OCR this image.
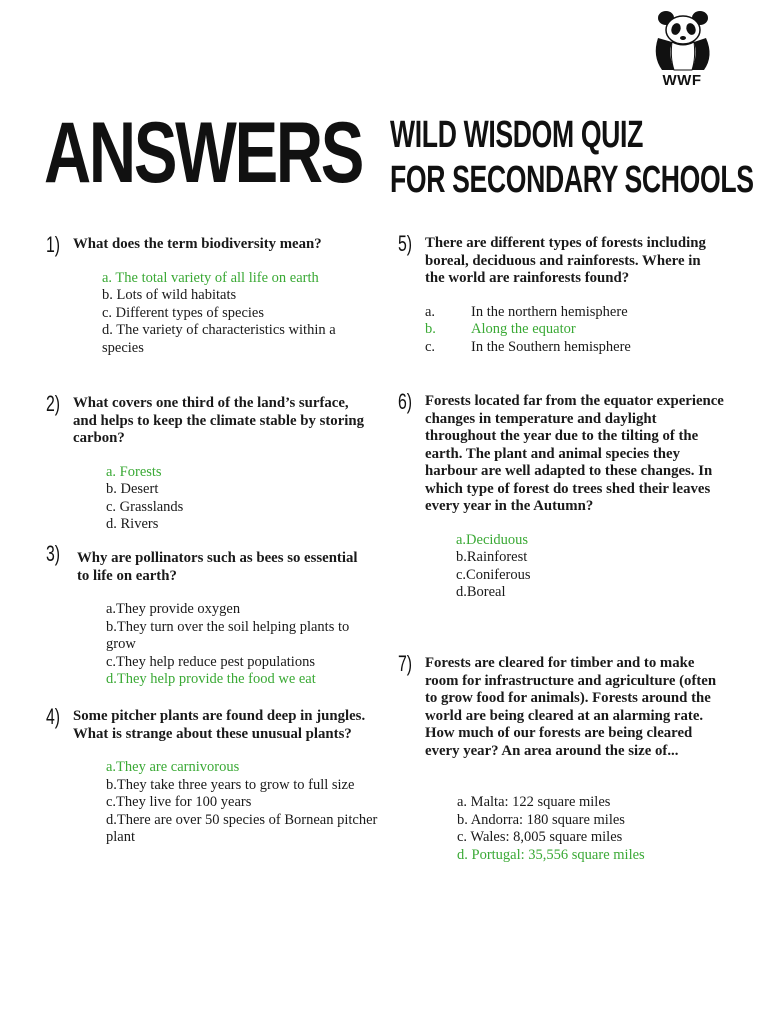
WWF
ANSWERS WILD WISDOM QUIZ
FOR SECONDARY SCHOOLS
1) What does the term biodiversity mean?
a. The total variety of all life on earth
b. Lots of wild habitats
c. Different types of species
d. The variety of characteristics within a species
2) What covers one third of the land’s surface, and helps to keep the climate stable by storing carbon?
a. Forests
b. Desert
c. Grasslands
d. Rivers
3) Why are pollinators such as bees so essential to life on earth?
a.They provide oxygen
b.They turn over the soil helping plants to grow
c.They help reduce pest populations
d.They help provide the food we eat
4) Some pitcher plants are found deep in jungles. What is strange about these unusual plants?
a.They are carnivorous
b.They take three years to grow to full size
c.They live for 100 years
d.There are over 50 species of Bornean pitcher plant
5) There are different types of forests including boreal, deciduous and rainforests. Where in the world are rainforests found?
a. In the northern hemisphere
b. Along the equator
c. In the Southern hemisphere
6) Forests located far from the equator experience changes in temperature and daylight throughout the year due to the tilting of the earth. The plant and animal species they harbour are well adapted to these changes. In which type of forest do trees shed their leaves every year in the Autumn?
a.Deciduous
b.Rainforest
c.Coniferous
d.Boreal
7) Forests are cleared for timber and to make room for infrastructure and agriculture (often to grow food for animals). Forests around the world are being cleared at an alarming rate. How much of our forests are being cleared every year? An area around the size of...
a. Malta: 122 square miles
b. Andorra: 180 square miles
c. Wales: 8,005 square miles
d. Portugal: 35,556 square miles
